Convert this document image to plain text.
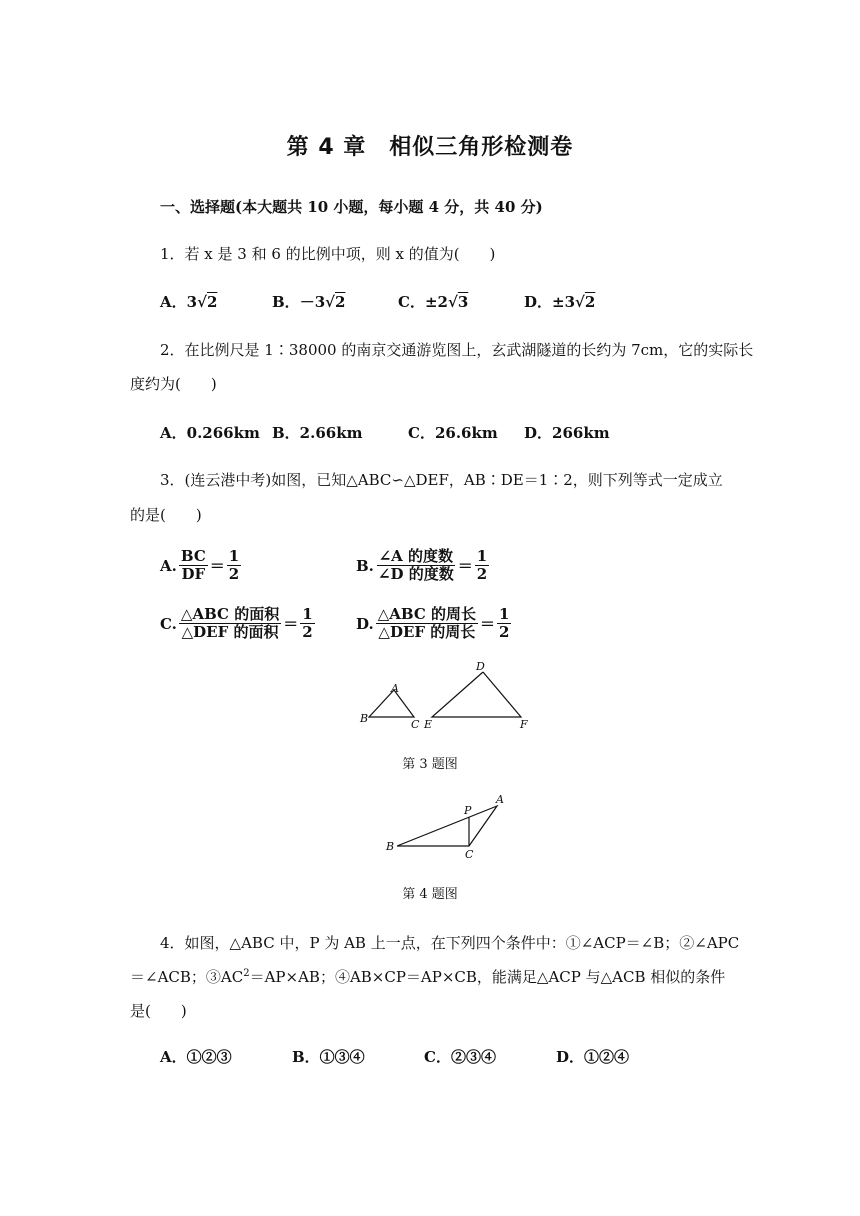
第 4 章　相似三角形检测卷
一、选择题(本大题共 10 小题，每小题 4 分，共 40 分)
1．若 x 是 3 和 6 的比例中项，则 x 的值为(　　)
A．3√2	B．－3√2	C．±2√3	D．±3√2
2．在比例尺是 1∶38000 的南京交通游览图上，玄武湖隧道的长约为 7cm，它的实际长
度约为(　　)
A．0.266km B．2.66km	C．26.6km D．266km
3．(连云港中考)如图，已知△ABC∽△DEF，AB∶DE＝1∶2，则下列等式一定成立
的是(　　)
A. $\frac{BC}{DF} = \frac{1}{2}$	B. $\frac{\text{∠A 的度数}}{\text{∠D 的度数}} = \frac{1}{2}$
C. $\frac{\text{△ABC 的面积}}{\text{△DEF 的面积}} = \frac{1}{2}$	D. $\frac{\text{△ABC 的周长}}{\text{△DEF 的周长}} = \frac{1}{2}$
A
B	C
D
E	F
第 3 题图
P
A
B
C
第 4 题图
4．如图，△ABC 中，P 为 AB 上一点，在下列四个条件中：①∠ACP＝∠B；②∠APC
＝∠ACB；$③AC^2=AP\times AB$；④AB×CP＝AP×CB，能满足△ACP 与△ACB 相似的条件
是(　　)
A．①②③	B．①③④	C．②③④	D．①②④
